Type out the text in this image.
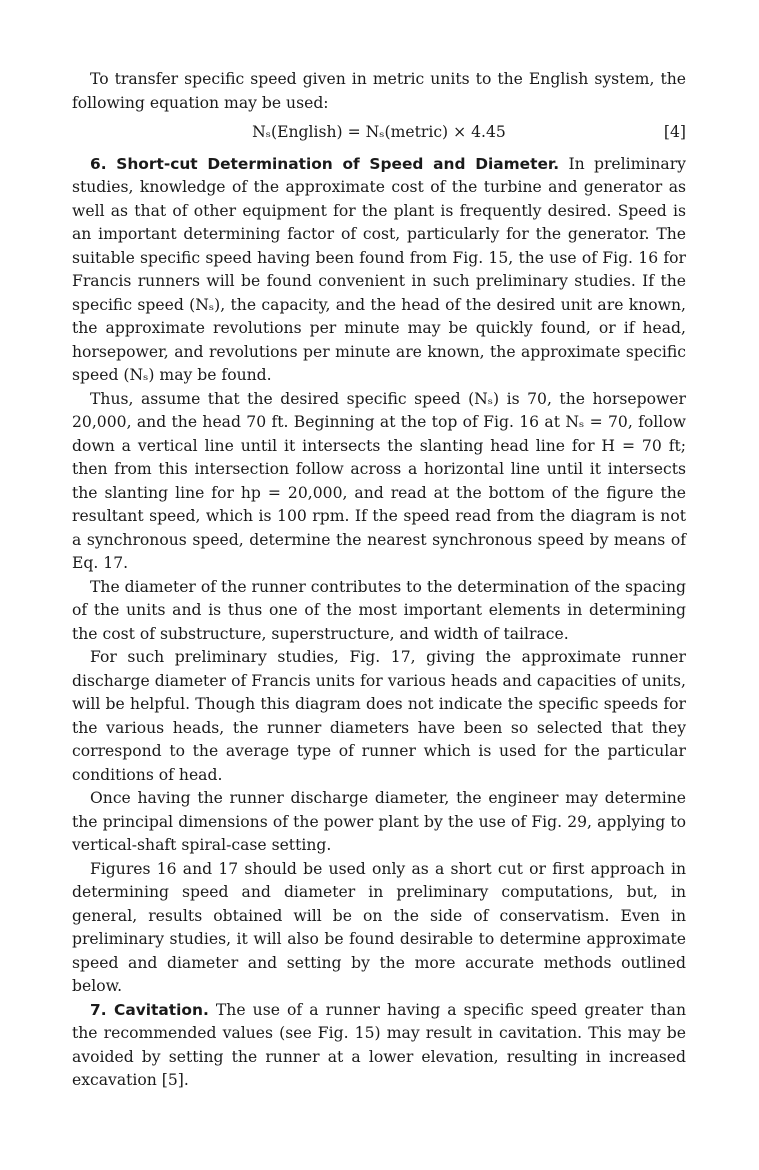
To transfer specific speed given in metric units to the English system, the following equation may be used:

Nₛ(English) = Nₛ(metric) × 4.45	[4]

6. Short-cut Determination of Speed and Diameter. In preliminary studies, knowledge of the approximate cost of the turbine and generator as well as that of other equipment for the plant is frequently desired. Speed is an important determining factor of cost, particularly for the generator. The suitable specific speed having been found from Fig. 15, the use of Fig. 16 for Francis runners will be found convenient in such preliminary studies. If the specific speed (Nₛ), the capacity, and the head of the desired unit are known, the approximate revolutions per minute may be quickly found, or if head, horsepower, and revolutions per minute are known, the approximate specific speed (Nₛ) may be found.

Thus, assume that the desired specific speed (Nₛ) is 70, the horsepower 20,000, and the head 70 ft. Beginning at the top of Fig. 16 at Nₛ = 70, follow down a vertical line until it intersects the slanting head line for H = 70 ft; then from this intersection follow across a horizontal line until it intersects the slanting line for hp = 20,000, and read at the bottom of the figure the resultant speed, which is 100 rpm. If the speed read from the diagram is not a synchronous speed, determine the nearest synchronous speed by means of Eq. 17.

The diameter of the runner contributes to the determination of the spacing of the units and is thus one of the most important elements in determining the cost of substructure, superstructure, and width of tailrace.

For such preliminary studies, Fig. 17, giving the approximate runner discharge diameter of Francis units for various heads and capacities of units, will be helpful. Though this diagram does not indicate the specific speeds for the various heads, the runner diameters have been so selected that they correspond to the average type of runner which is used for the particular conditions of head.

Once having the runner discharge diameter, the engineer may determine the principal dimensions of the power plant by the use of Fig. 29, applying to vertical-shaft spiral-case setting.

Figures 16 and 17 should be used only as a short cut or first approach in determining speed and diameter in preliminary computations, but, in general, results obtained will be on the side of conservatism. Even in preliminary studies, it will also be found desirable to determine approximate speed and diameter and setting by the more accurate methods outlined below.

7. Cavitation. The use of a runner having a specific speed greater than the recommended values (see Fig. 15) may result in cavitation. This may be avoided by setting the runner at a lower elevation, resulting in increased excavation [5].
